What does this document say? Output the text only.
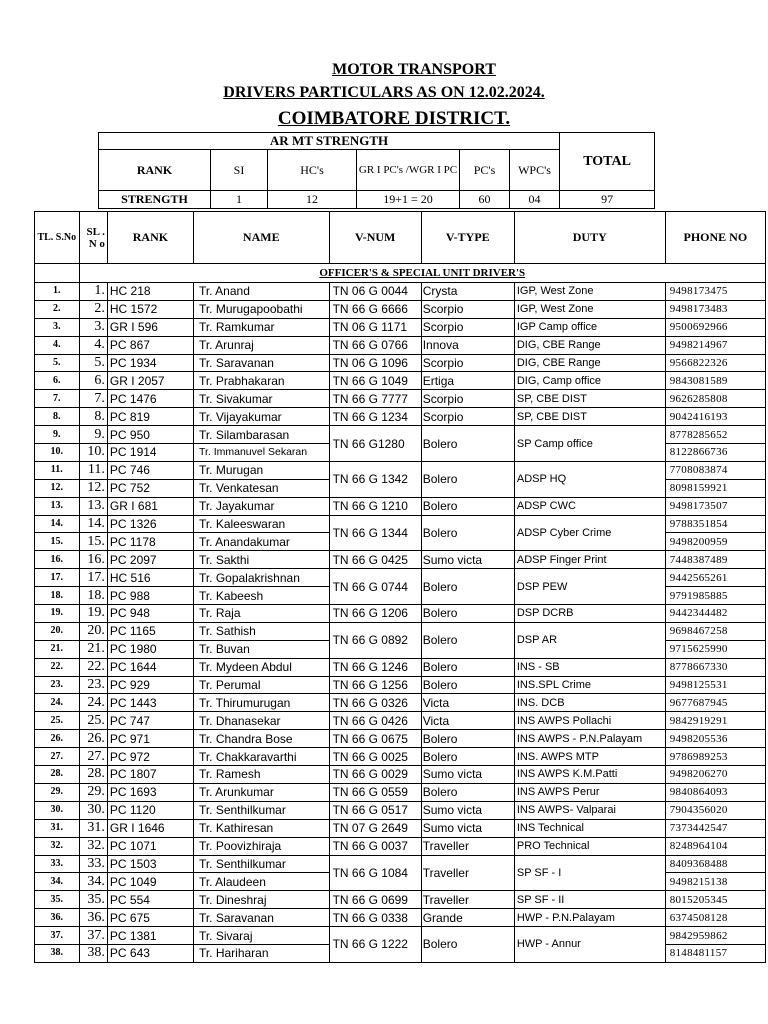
MOTOR TRANSPORT
DRIVERS PARTICULARS AS ON 12.02.2024.
COIMBATORE DISTRICT.
AR MT STRENGTH						TOTAL
RANK	SI	HC's	GR I PC's /WGR I PC	PC's	WPC's	
STRENGTH	1	12	19+1 = 20	60	04	97
TL. S.No	SL . N o	RANK	NAME	V-NUM	V-TYPE	DUTY	PHONE NO
	OFFICER'S & SPECIAL UNIT DRIVER'S						
1.	1.	HC 218	Tr. Anand	TN 06 G 0044	Crysta	IGP, West Zone	9498173475
2.	2.	HC 1572	Tr. Murugapoobathi	TN 66 G 6666	Scorpio	IGP, West Zone	9498173483
3.	3.	GR I 596	Tr. Ramkumar	TN 06 G 1171	Scorpio	IGP Camp office	9500692966
4.	4.	PC 867	Tr. Arunraj	TN 66 G 0766	Innova	DIG, CBE Range	9498214967
5.	5.	PC 1934	Tr. Saravanan	TN 06 G 1096	Scorpio	DIG, CBE Range	9566822326
6.	6.	GR I 2057	Tr. Prabhakaran	TN 66 G 1049	Ertiga	DIG, Camp office	9843081589
7.	7.	PC 1476	Tr. Sivakumar	TN 66 G 7777	Scorpio	SP, CBE DIST	9626285808
8.	8.	PC 819	Tr. Vijayakumar	TN 66 G 1234	Scorpio	SP, CBE DIST	9042416193
9.	9.	PC 950	Tr. Silambarasan	TN 66 G1280	Bolero	SP Camp office	8778285652
10.	10.	PC 1914	Tr. Immanuvel Sekaran				8122866736
11.	11.	PC 746	Tr. Murugan	TN 66 G 1342	Bolero	ADSP HQ	7708083874
12.	12.	PC 752	Tr. Venkatesan				8098159921
13.	13.	GR I 681	Tr. Jayakumar	TN 66 G 1210	Bolero	ADSP CWC	9498173507
14.	14.	PC 1326	Tr. Kaleeswaran	TN 66 G 1344	Bolero	ADSP Cyber Crime	9788351854
15.	15.	PC 1178	Tr. Anandakumar				9498200959
16.	16.	PC 2097	Tr. Sakthi	TN 66 G 0425	Sumo victa	ADSP Finger Print	7448387489
17.	17.	HC 516	Tr. Gopalakrishnan	TN 66 G 0744	Bolero	DSP PEW	9442565261
18.	18.	PC 988	Tr. Kabeesh				9791985885
19.	19.	PC 948	Tr. Raja	TN 66 G 1206	Bolero	DSP DCRB	9442344482
20.	20.	PC 1165	Tr. Sathish	TN 66 G 0892	Bolero	DSP AR	9698467258
21.	21.	PC 1980	Tr. Buvan				9715625990
22.	22.	PC 1644	Tr. Mydeen Abdul	TN 66 G 1246	Bolero	INS - SB	8778667330
23.	23.	PC 929	Tr. Perumal	TN 66 G 1256	Bolero	INS.SPL Crime	9498125531
24.	24.	PC 1443	Tr. Thirumurugan	TN 66 G 0326	Victa	INS. DCB	9677687945
25.	25.	PC 747	Tr. Dhanasekar	TN 66 G 0426	Victa	INS AWPS Pollachi	9842919291
26.	26.	PC 971	Tr. Chandra Bose	TN 66 G 0675	Bolero	INS AWPS - P.N.Palayam	9498205536
27.	27.	PC 972	Tr. Chakkaravarthi	TN 66 G 0025	Bolero	INS. AWPS MTP	9786989253
28.	28.	PC 1807	Tr. Ramesh	TN 66 G 0029	Sumo victa	INS AWPS K.M.Patti	9498206270
29.	29.	PC 1693	Tr. Arunkumar	TN 66 G 0559	Bolero	INS AWPS Perur	9840864093
30.	30.	PC 1120	Tr. Senthilkumar	TN 66 G 0517	Sumo victa	INS AWPS- Valparai	7904356020
31.	31.	GR I 1646	Tr. Kathiresan	TN 07 G 2649	Sumo victa	INS Technical	7373442547
32.	32.	PC 1071	Tr. Poovizhiraja	TN 66 G 0037	Traveller	PRO Technical	8248964104
33.	33.	PC 1503	Tr. Senthilkumar	TN 66 G 1084	Traveller	SP SF - I	8409368488
34.	34.	PC 1049	Tr. Alaudeen				9498215138
35.	35.	PC 554	Tr. Dineshraj	TN 66 G 0699	Traveller	SP SF - II	8015205345
36.	36.	PC 675	Tr. Saravanan	TN 66 G 0338	Grande	HWP - P.N.Palayam	6374508128
37.	37.	PC 1381	Tr. Sivaraj	TN 66 G 1222	Bolero	HWP - Annur	9842959862
38.	38.	PC 643	Tr. Hariharan				8148481157
